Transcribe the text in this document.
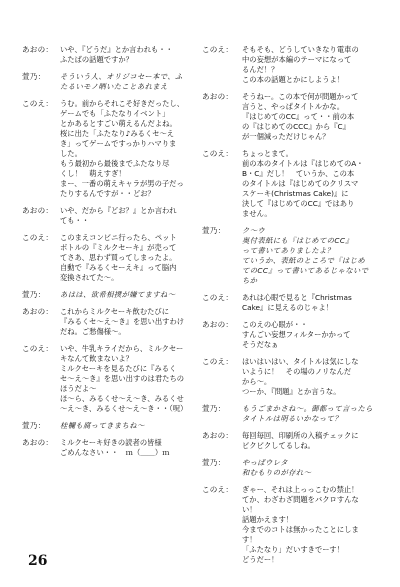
あおの： いや、『どうだ』とか言われも・・
ふたばの話題ですか？
萱乃：	そういう人、オリジコセー本で、ふ
たるいモノ晒いたことあれまえ
このえ： うむ。前からそれこそ好きだったし、
ゲームでも「ふたなりイベント」
とかあるとすごい萌えるんだよね。
桜に出た「ふたなり♪みるくセ～え
き」ってゲームですっかりハマりま
した。
もう最初から最後までふたなり尽
くし！　萌えすぎ！
まー、一番の萌えキャラが男の子だっ
たりするんですが・・どお？
あおの： いや、だから『どお？』とか言われ
ても・・
このえ： このまえコンビニ行ったら、ペット
ボトルの『ミルクセーキ』が売って
てさあ、思わず買ってしまったよ。
自動で『みるくセーえキ』って脳内
変換されてた～。
萱乃：	あはは、欲希相撲が嫌てますね～
あおの： これからミルクセーキ飲むたびに
『みるくセ～え～き』を思い出すわけ
だね。ご愁傷様～。
このえ： いや、牛乳キライだから、ミルクセー
キなんて飲まないよ？
ミルクセーキを見るたびに『みるく
セ～え～き』を思い出すのは君たちの
ほうだよ～
ほ～ら、みるくせ～え～き、みるくせ
～え～き、みるくせ～え～き・・（呪）
萱乃：	桂欄も腐ってきまちね～
あおの： ミルクセーキ好きの読者の皆様
ごめんなさい・・　ｍ（＿＿）ｍ
このえ：	そもそも、どうしていきなり電車の
中の妄想が本編のテーマになって
るんだ！？
この本の話題とかにしようよ！
あおの：	そうねー。この本で何が問題かって
言うと、やっぱタイトルかな。
『はじめてのCC』って・・前の本
の『はじめてのCCC』から『C』
が一個減っただけじゃん？
このえ：	ちょっとまて。
前の本のタイトルは『はじめてのA・
B・C』だし！　ていうか、この本
のタイトルは『はじめてのクリスマ
スケーキ(Christmas Cake)』に
決して『はじめてのCC』ではあり
ません。
萱乃：	ク～ウ
奥付表紙にも『はじめてのCC』
って書いてありましたよ？
ていうか、表紙のところで『はじめ
てのCC』って書いてあるじゃないで
ちか
このえ：	あれは心眼で見ると『Christmas
Cake』に見えるのじゃよ！
あおの：	このえの心眼が・・
すんごい妄想フィルターかかって
そうだなぁ
このえ：	はいはいはい、タイトルは気にしな
いように！　その場のノリなんだ
から～。
つーか、『問題』とか言うな。
萱乃：	もうごまかさね～。御都って言ったら
タイトルは明るいかなって？
あおの：	毎回毎回、印刷所の入稿チェックに
ビクビクしてるしね。
萱乃：	やっぱウレタ
和むもりのが存れ～
このえ：	ぎゃー、それは上っっこむの禁止！
てか、わざわざ問題をバクロすんな
い！
話題かえます！
今までのコトは無かったことにしま
す！
「ふたなり」だいすきでーす！
どうだー！
26
